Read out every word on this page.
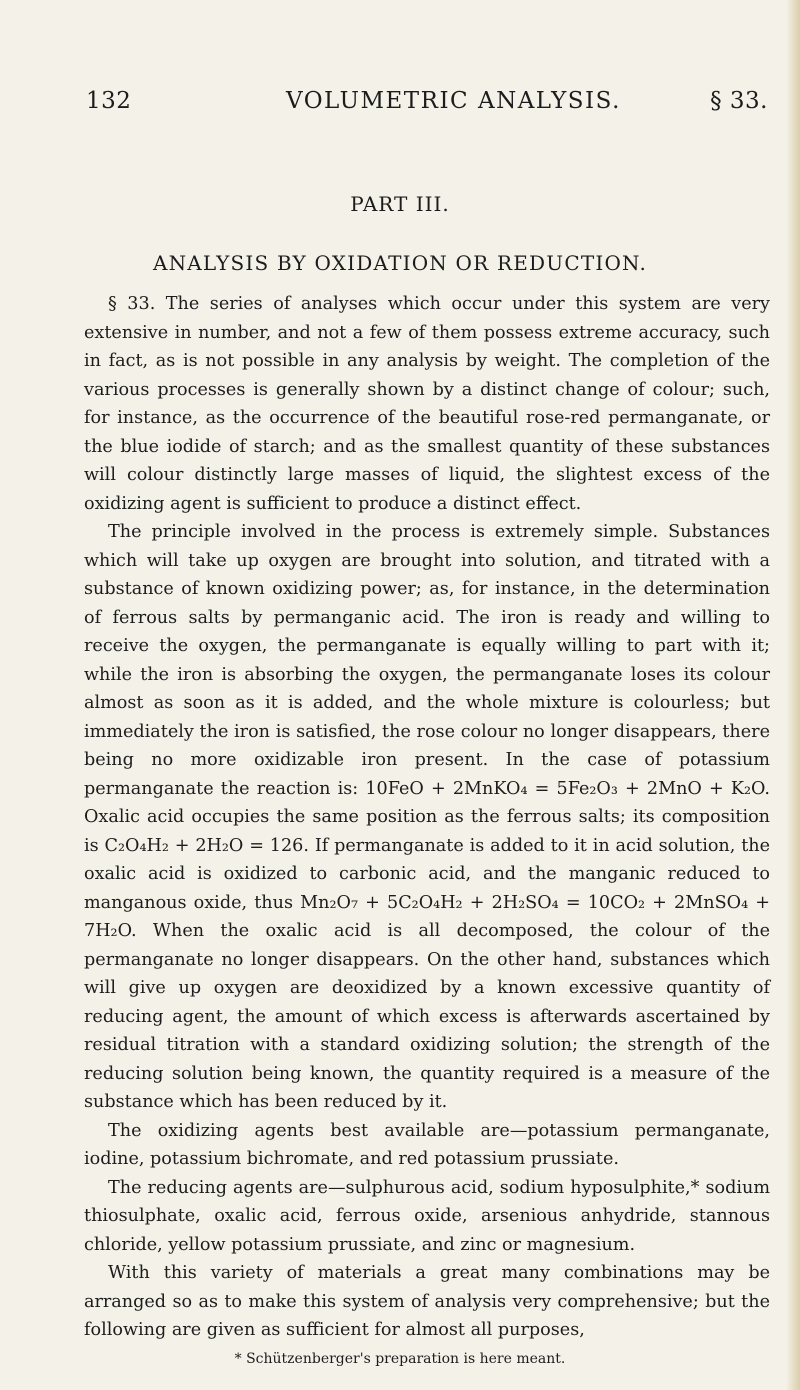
132	VOLUMETRIC ANALYSIS.	§ 33.
PART III.
ANALYSIS BY OXIDATION OR REDUCTION.

§ 33. The series of analyses which occur under this system are very extensive in number, and not a few of them possess extreme accuracy, such in fact, as is not possible in any analysis by weight. The completion of the various processes is generally shown by a distinct change of colour; such, for instance, as the occurrence of the beautiful rose-red permanganate, or the blue iodide of starch; and as the smallest quantity of these substances will colour distinctly large masses of liquid, the slightest excess of the oxidizing agent is sufficient to produce a distinct effect.

The principle involved in the process is extremely simple. Substances which will take up oxygen are brought into solution, and titrated with a substance of known oxidizing power; as, for instance, in the determination of ferrous salts by permanganic acid. The iron is ready and willing to receive the oxygen, the permanganate is equally willing to part with it; while the iron is absorbing the oxygen, the permanganate loses its colour almost as soon as it is added, and the whole mixture is colourless; but immediately the iron is satisfied, the rose colour no longer disappears, there being no more oxidizable iron present. In the case of potassium permanganate the reaction is: 10FeO + 2MnKO₄ = 5Fe₂O₃ + 2MnO + K₂O. Oxalic acid occupies the same position as the ferrous salts; its composition is C₂O₄H₂ + 2H₂O = 126. If permanganate is added to it in acid solution, the oxalic acid is oxidized to carbonic acid, and the manganic reduced to manganous oxide, thus Mn₂O₇ + 5C₂O₄H₂ + 2H₂SO₄ = 10CO₂ + 2MnSO₄ + 7H₂O. When the oxalic acid is all decomposed, the colour of the permanganate no longer disappears. On the other hand, substances which will give up oxygen are deoxidized by a known excessive quantity of reducing agent, the amount of which excess is afterwards ascertained by residual titration with a standard oxidizing solution; the strength of the reducing solution being known, the quantity required is a measure of the substance which has been reduced by it.

The oxidizing agents best available are—potassium permanganate, iodine, potassium bichromate, and red potassium prussiate.

The reducing agents are—sulphurous acid, sodium hyposulphite,* sodium thiosulphate, oxalic acid, ferrous oxide, arsenious anhydride, stannous chloride, yellow potassium prussiate, and zinc or magnesium.

With this variety of materials a great many combinations may be arranged so as to make this system of analysis very comprehensive; but the following are given as sufficient for almost all purposes,

* Schützenberger's preparation is here meant.
